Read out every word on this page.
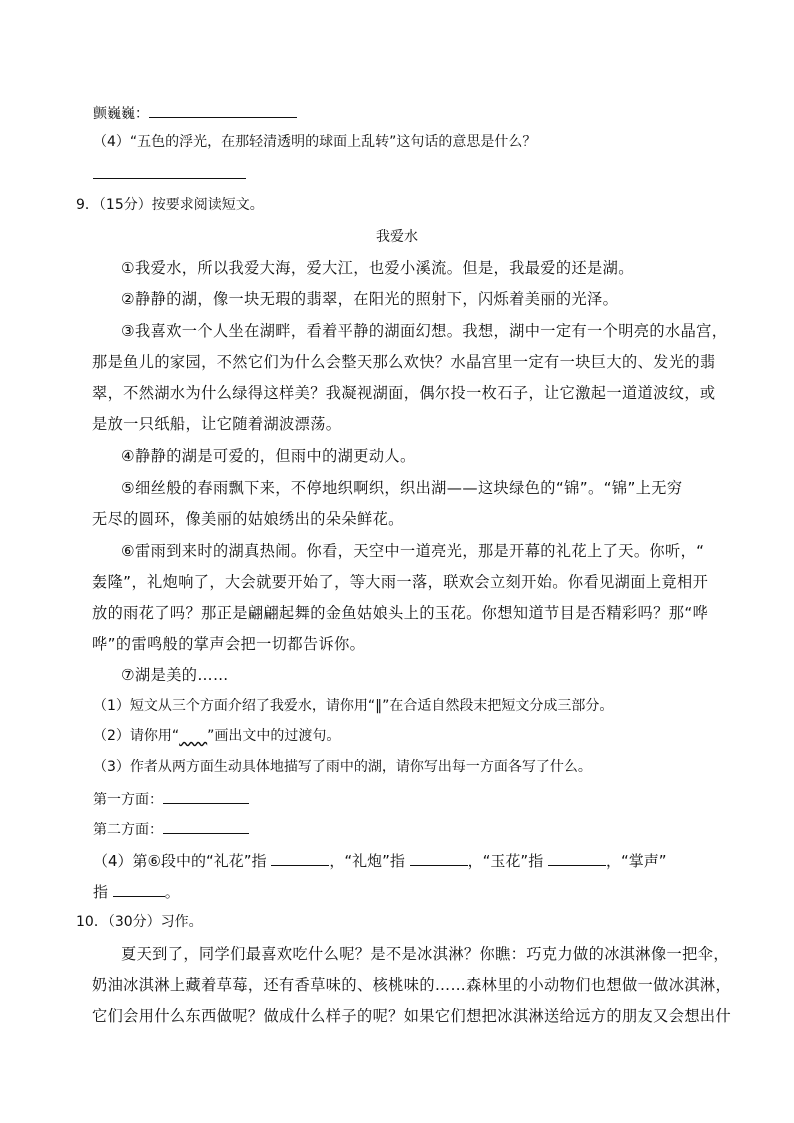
颤巍巍：
（4）“五色的浮光，在那轻清透明的球面上乱转”这句话的意思是什么？
9．（15分）按要求阅读短文。
我爱水
①我爱水，所以我爱大海，爱大江，也爱小溪流。但是，我最爱的还是湖。
②静静的湖，像一块无瑕的翡翠，在阳光的照射下，闪烁着美丽的光泽。
③我喜欢一个人坐在湖畔，看着平静的湖面幻想。我想，湖中一定有一个明亮的水晶宫，
那是鱼儿的家园，不然它们为什么会整天那么欢快？水晶宫里一定有一块巨大的、发光的翡
翠，不然湖水为什么绿得这样美？我凝视湖面，偶尔投一枚石子，让它激起一道道波纹，或
是放一只纸船，让它随着湖波漂荡。
④静静的湖是可爱的，但雨中的湖更动人。
⑤细丝般的春雨飘下来，不停地织啊织，织出湖——这块绿色的“锦”。“锦”上无穷
无尽的圆环，像美丽的姑娘绣出的朵朵鲜花。
⑥雷雨到来时的湖真热闹。你看，天空中一道亮光，那是开幕的礼花上了天。你听，“
轰隆”，礼炮响了，大会就要开始了，等大雨一落，联欢会立刻开始。你看见湖面上竟相开
放的雨花了吗？那正是翩翩起舞的金鱼姑娘头上的玉花。你想知道节目是否精彩吗？那“哗
哗”的雷鸣般的掌声会把一切都告诉你。
⑦湖是美的……
（1）短文从三个方面介绍了我爱水，请你用“‖”在合适自然段末把短文分成三部分。
（2）请你用“　　 ”画出文中的过渡句。
（3）作者从两方面生动具体地描写了雨中的湖，请你写出每一方面各写了什么。
第一方面：
第二方面：
（4）第⑥段中的“礼花”指	，“礼炮”指	，“玉花”指	，“掌声”
指	。
10．（30分）习作。
夏天到了，同学们最喜欢吃什么呢？是不是冰淇淋？你瞧：巧克力做的冰淇淋像一把伞，
奶油冰淇淋上藏着草莓，还有香草味的、核桃味的……森林里的小动物们也想做一做冰淇淋，
它们会用什么东西做呢？做成什么样子的呢？如果它们想把冰淇淋送给远方的朋友又会想出什
